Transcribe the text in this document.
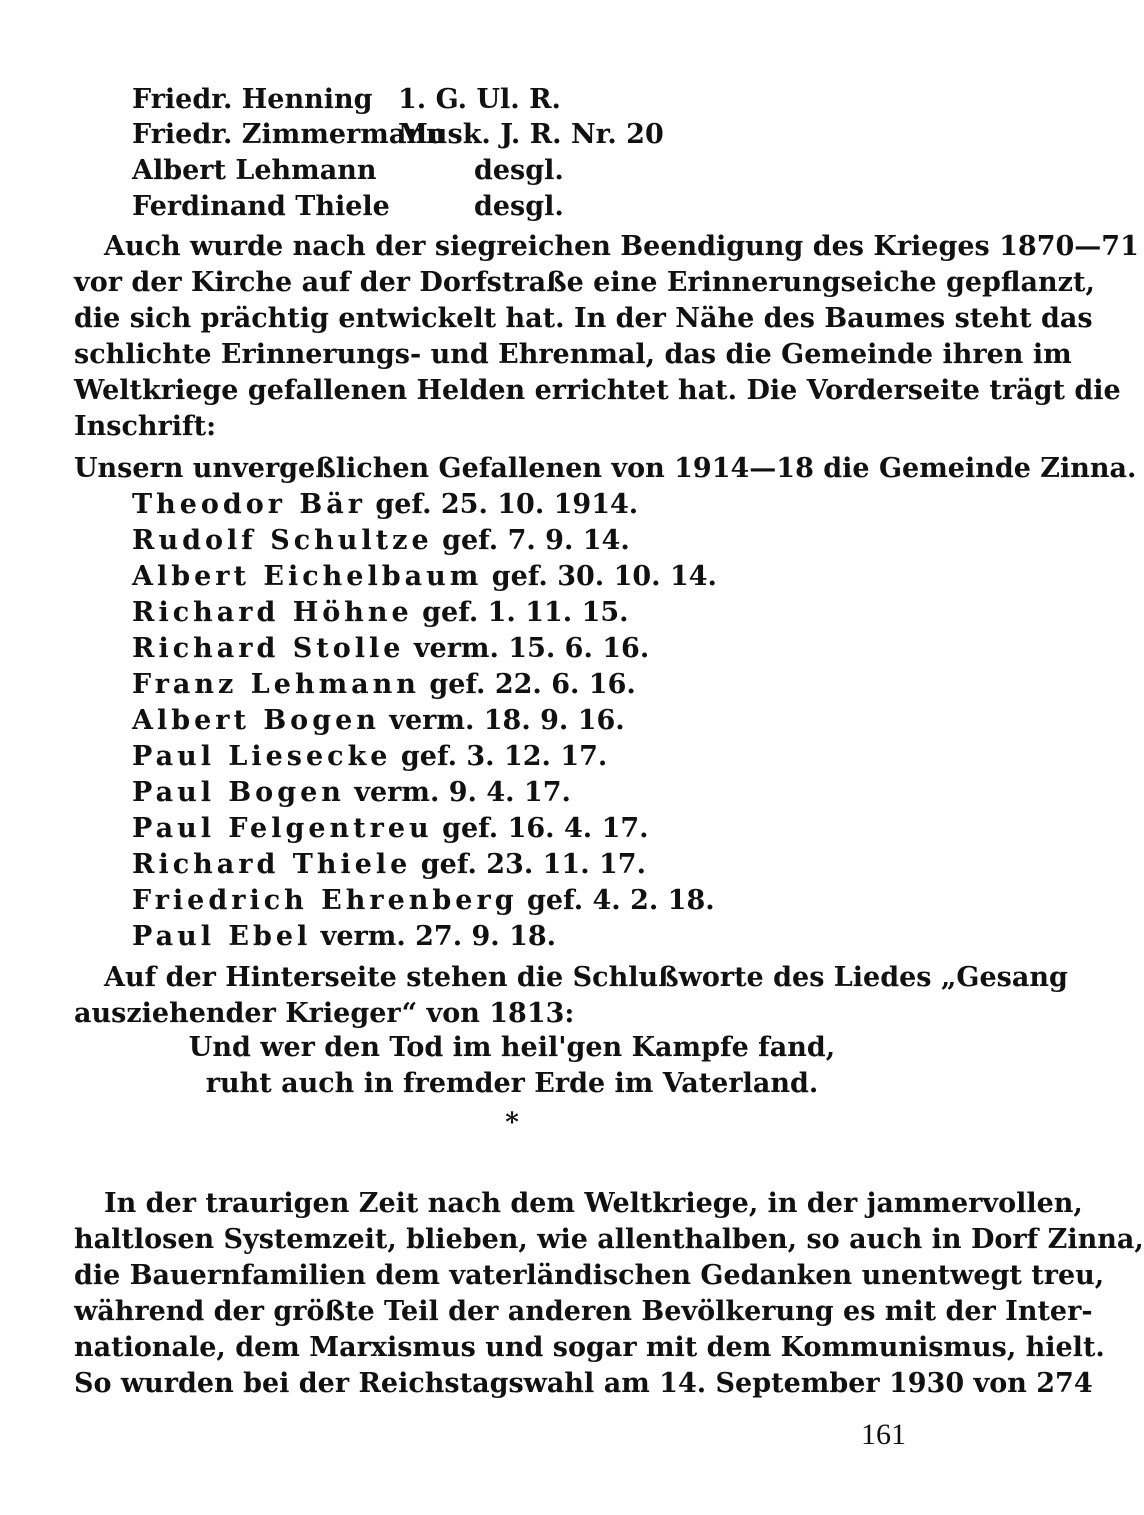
Friedr. Henning 1. G. Ul. R.
Friedr. Zimmermann
Musk. J. R. Nr. 20
Albert Lehmann	desgl.
Ferdinand Thiele	desgl.
Auch wurde nach der siegreichen Beendigung des Krieges 1870—71
vor der Kirche auf der Dorfstraße eine Erinnerungseiche gepflanzt,
die sich prächtig entwickelt hat. In der Nähe des Baumes steht das
schlichte Erinnerungs- und Ehrenmal, das die Gemeinde ihren im
Weltkriege gefallenen Helden errichtet hat. Die Vorderseite trägt die
Inschrift:
Unsern unvergeßlichen Gefallenen von 1914—18 die Gemeinde Zinna.
Theodor Bär gef. 25. 10. 1914.
Rudolf Schultze gef. 7. 9. 14.
Albert Eichelbaum gef. 30. 10. 14.
Richard Höhne gef. 1. 11. 15.
Richard Stolle verm. 15. 6. 16.
Franz Lehmann gef. 22. 6. 16.
Albert Bogen verm. 18. 9. 16.
Paul Liesecke gef. 3. 12. 17.
Paul Bogen verm. 9. 4. 17.
Paul Felgentreu gef. 16. 4. 17.
Richard Thiele gef. 23. 11. 17.
Friedrich Ehrenberg gef. 4. 2. 18.
Paul Ebel verm. 27. 9. 18.
Auf der Hinterseite stehen die Schlußworte des Liedes „Gesang
ausziehender Krieger“ von 1813:
Und wer den Tod im heil'gen Kampfe fand,
ruht auch in fremder Erde im Vaterland.
*
In der traurigen Zeit nach dem Weltkriege, in der jammervollen,
haltlosen Systemzeit, blieben, wie allenthalben, so auch in Dorf Zinna,
die Bauernfamilien dem vaterländischen Gedanken unentwegt treu,
während der größte Teil der anderen Bevölkerung es mit der Inter-
nationale, dem Marxismus und sogar mit dem Kommunismus, hielt.
So wurden bei der Reichstagswahl am 14. September 1930 von 274
161
